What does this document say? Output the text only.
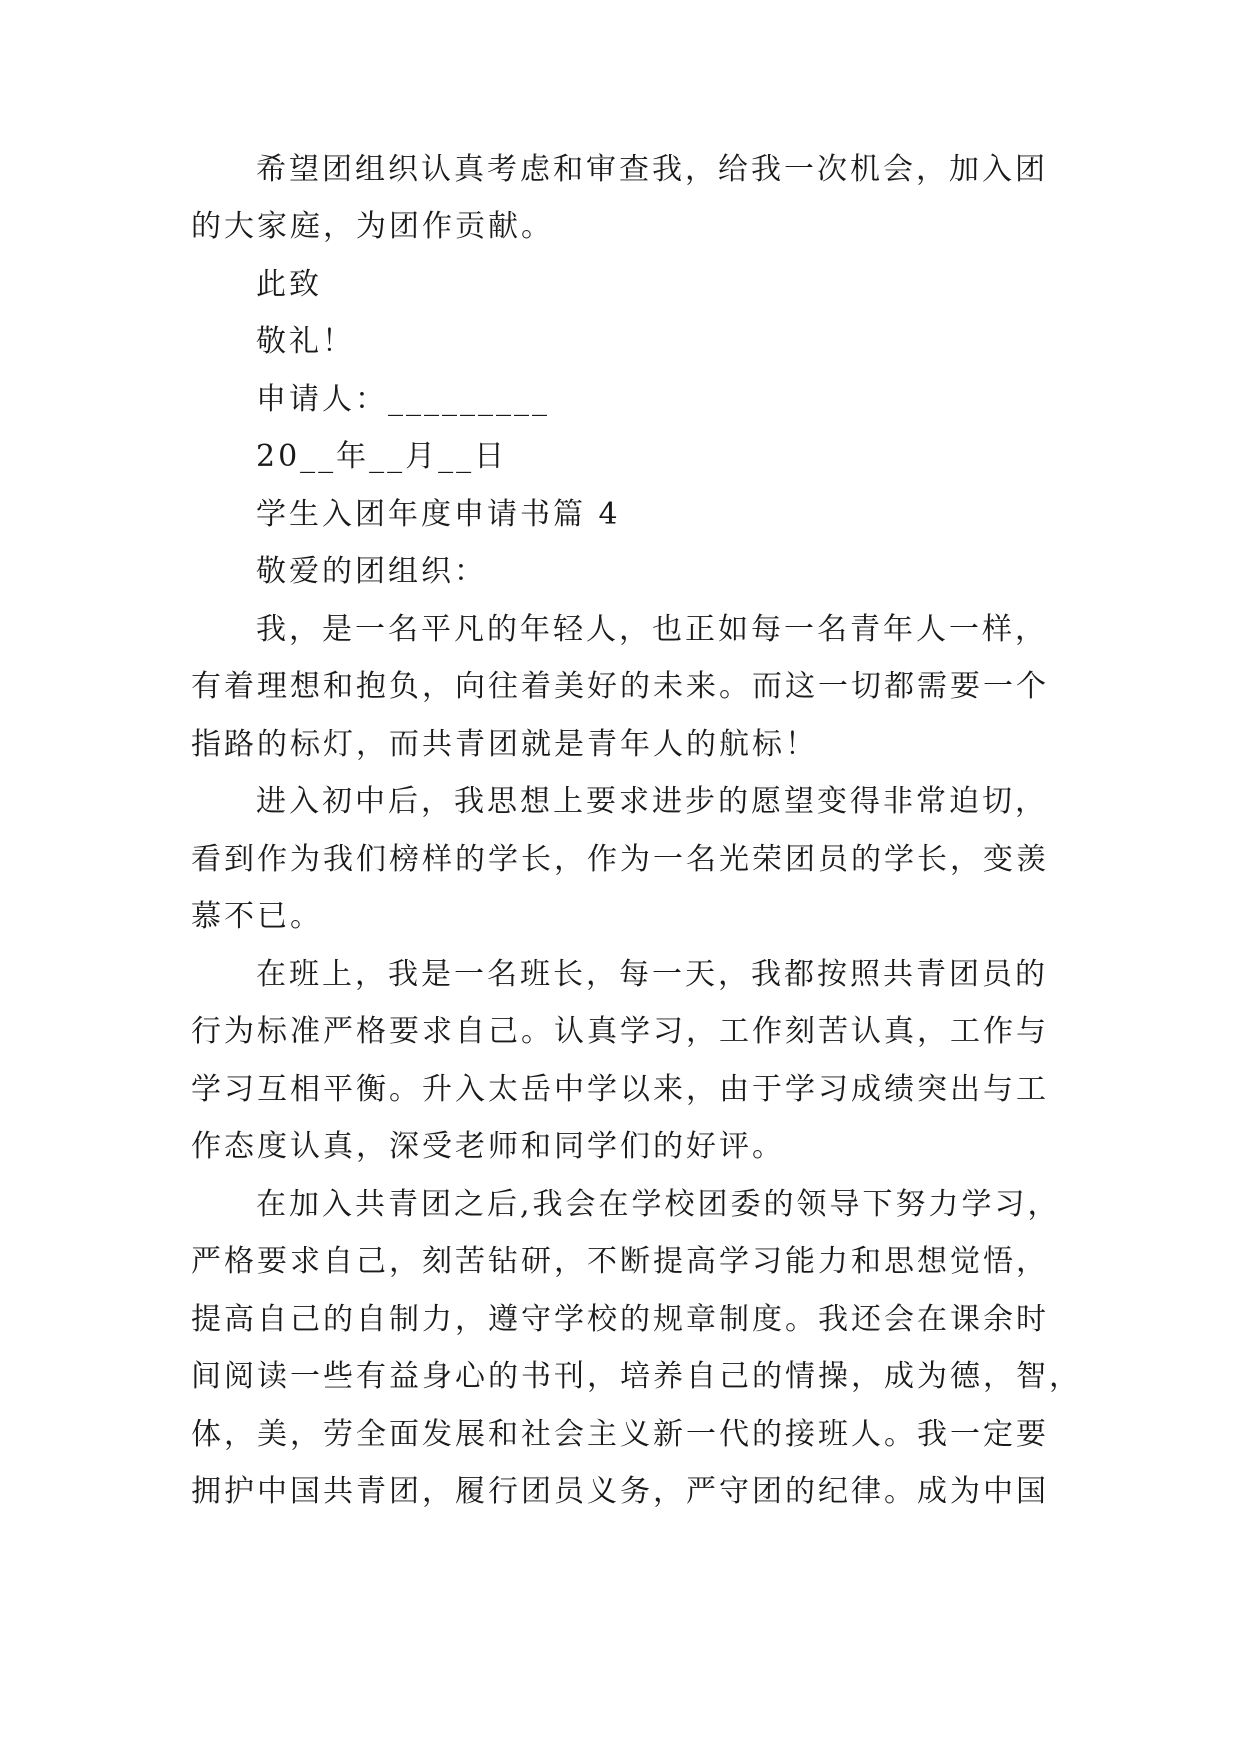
希望团组织认真考虑和审查我，给我一次机会，加入团
的大家庭，为团作贡献。
此致
敬礼！
申请人：_________
20__年__月__日
学生入团年度申请书篇 4
敬爱的团组织：
我，是一名平凡的年轻人，也正如每一名青年人一样，
有着理想和抱负，向往着美好的未来。而这一切都需要一个
指路的标灯，而共青团就是青年人的航标！
进入初中后，我思想上要求进步的愿望变得非常迫切，
看到作为我们榜样的学长，作为一名光荣团员的学长，变羡
慕不已。
在班上，我是一名班长，每一天，我都按照共青团员的
行为标准严格要求自己。认真学习，工作刻苦认真，工作与
学习互相平衡。升入太岳中学以来，由于学习成绩突出与工
作态度认真，深受老师和同学们的好评。
在加入共青团之后,我会在学校团委的领导下努力学习，
严格要求自己，刻苦钻研，不断提高学习能力和思想觉悟，
提高自己的自制力，遵守学校的规章制度。我还会在课余时
间阅读一些有益身心的书刊，培养自己的情操，成为德，智，
体，美，劳全面发展和社会主义新一代的接班人。我一定要
拥护中国共青团，履行团员义务，严守团的纪律。成为中国
